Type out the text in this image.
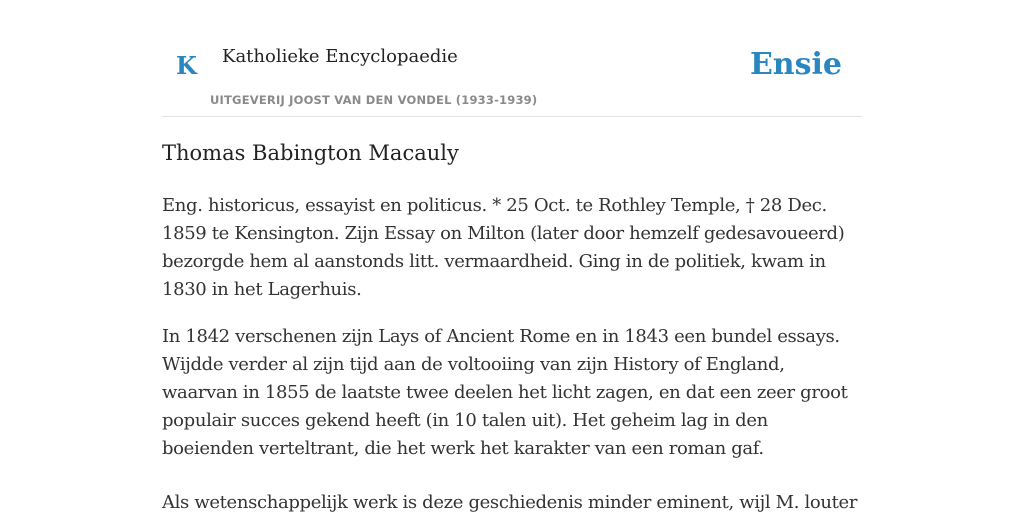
K Katholieke Encyclopaedie
UITGEVERIJ JOOST VAN DEN VONDEL (1933-1939)
Ensie
Thomas Babington Macauly

Eng. historicus, essayist en politicus. * 25 Oct. te Rothley Temple, † 28 Dec. 1859 te Kensington. Zijn Essay on Milton (later door hemzelf gedesavoueerd) bezorgde hem al aanstonds litt. vermaardheid. Ging in de politiek, kwam in 1830 in het Lagerhuis.

In 1842 verschenen zijn Lays of Ancient Rome en in 1843 een bundel essays. Wijdde verder al zijn tijd aan de voltooiing van zijn History of England, waarvan in 1855 de laatste twee deelen het licht zagen, en dat een zeer groot populair succes gekend heeft (in 10 talen uit). Het geheim lag in den boeienden verteltrant, die het werk het karakter van een roman gaf.

Als wetenschappelijk werk is deze geschiedenis minder eminent, wijl M. louter
